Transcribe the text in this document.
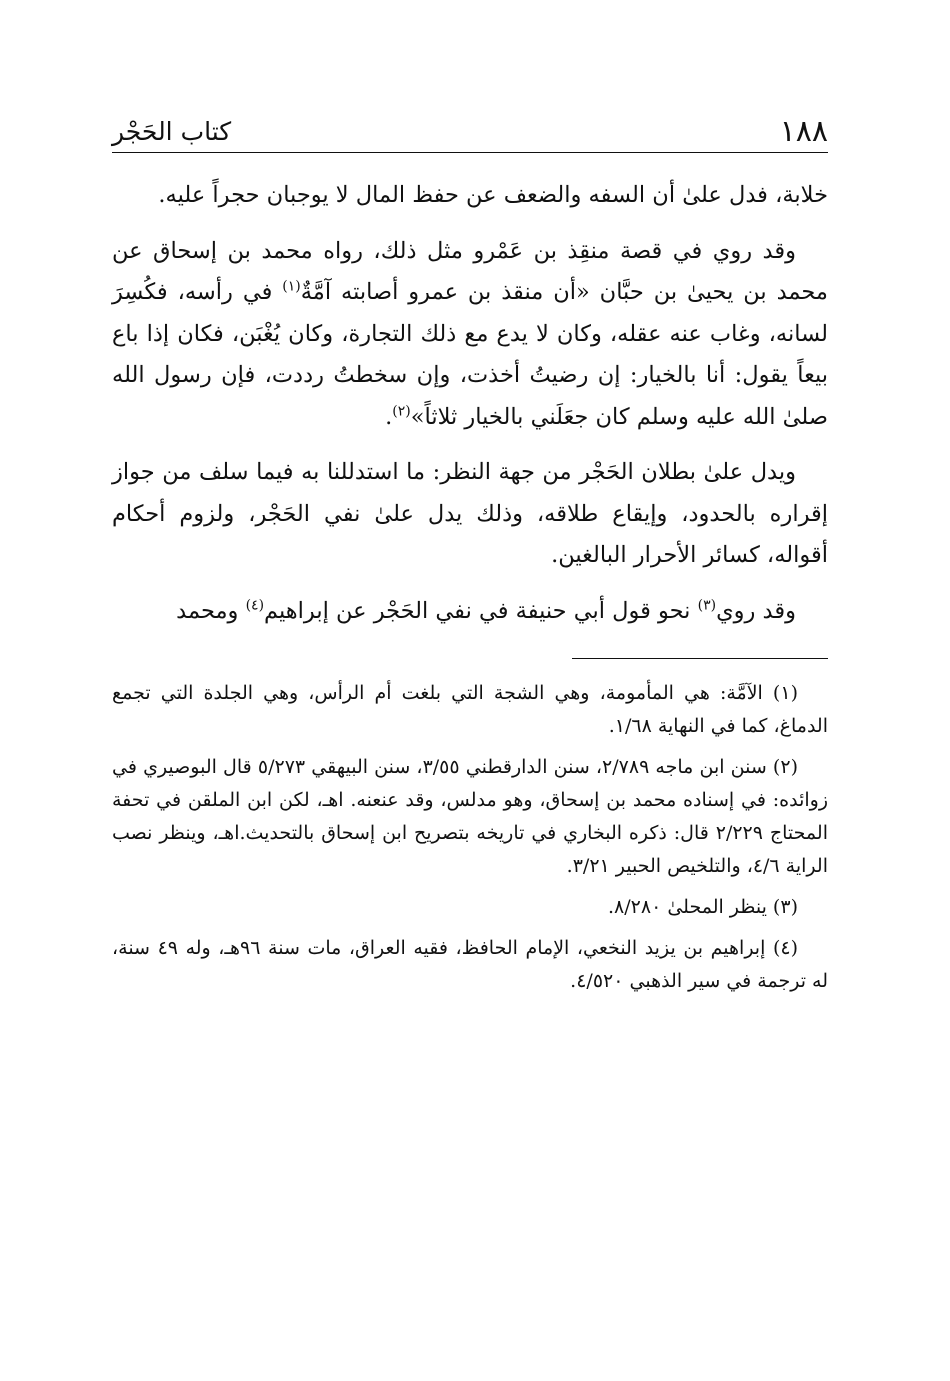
١٨٨
كتاب الحَجْر

خلابة، فدل علىٰ أن السفه والضعف عن حفظ المال لا يوجبان حجراً عليه.

وقد روي في قصة منقِذ بن عَمْرو مثل ذلك، رواه محمد بن إسحاق عن محمد بن يحيىٰ بن حبَّان «أن منقذ بن عمرو أصابته آمَّةٌ$^{(١)}$ في رأسه، فكُسِرَ لسانه، وغاب عنه عقله، وكان لا يدع مع ذلك التجارة، وكان يُغْبَن، فكان إذا باع بيعاً يقول: أنا بالخيار: إن رضيتُ أخذت، وإن سخطتُ رددت، فإن رسول الله صلىٰ الله عليه وسلم كان جعَلَني بالخيار ثلاثاً»$^{(٢)}$.

ويدل علىٰ بطلان الحَجْر من جهة النظر: ما استدللنا به فيما سلف من جواز إقراره بالحدود، وإيقاع طلاقه، وذلك يدل علىٰ نفي الحَجْر، ولزوم أحكام أقواله، كسائر الأحرار البالغين.

وقد روي$^{(٣)}$ نحو قول أبي حنيفة في نفي الحَجْر عن إبراهيم$^{(٤)}$ ومحمد

(١) الآمَّة: هي المأمومة، وهي الشجة التي بلغت أم الرأس، وهي الجلدة التي تجمع الدماغ، كما في النهاية ١/٦٨.

(٢) سنن ابن ماجه ٢/٧٨٩، سنن الدارقطني ٣/٥٥، سنن البيهقي ٥/٢٧٣ قال البوصيري في زوائده: في إسناده محمد بن إسحاق، وهو مدلس، وقد عنعنه. اهـ، لكن ابن الملقن في تحفة المحتاج ٢/٢٢٩ قال: ذكره البخاري في تاريخه بتصريح ابن إسحاق بالتحديث.اهـ، وينظر نصب الراية ٤/٦، والتلخيص الحبير ٣/٢١.

(٣) ينظر المحلىٰ ٨/٢٨٠.

(٤) إبراهيم بن يزيد النخعي، الإمام الحافظ، فقيه العراق، مات سنة ٩٦هـ، وله ٤٩ سنة، له ترجمة في سير الذهبي ٤/٥٢٠.
